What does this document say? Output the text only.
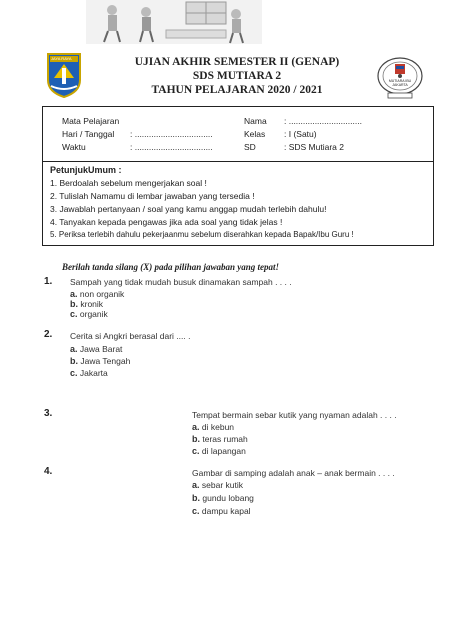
JAYA RAYA
MUTIARA IBU JAKARTA
UJIAN AKHIR SEMESTER II (GENAP)
SDS MUTIARA 2
TAHUN PELAJARAN 2020 / 2021
Mata Pelajaran
Hari / Tanggal : .................................
Waktu	: .................................
Nama : ...............................
Kelas : I (Satu)
SD	: SDS Mutiara 2
PetunjukUmum :
1. Berdoalah sebelum mengerjakan soal !
2. Tulislah Namamu di lembar jawaban yang tersedia !
3. Jawablah pertanyaan / soal yang kamu anggap mudah terlebih dahulu!
4. Tanyakan kepada pengawas jika ada soal yang tidak jelas !
5. Periksa terlebih dahulu pekerjaanmu sebelum diserahkan kepada Bapak/Ibu Guru !
Berilah tanda silang (X) pada pilihan jawaban yang tepat!
1. Sampah yang tidak mudah busuk dinamakan sampah . . . .
a. non organik
b. kronik
c. organik
2. Cerita si Angkri berasal dari .... .
a. Jawa Barat
b. Jawa Tengah
c. Jakarta
3.	Tempat bermain sebar kutik yang nyaman adalah . . . .
a. di kebun
b. teras rumah
c. di lapangan
4.	Gambar di samping adalah anak – anak bermain . . . .
a. sebar kutik
b. gundu lobang
c. dampu kapal
